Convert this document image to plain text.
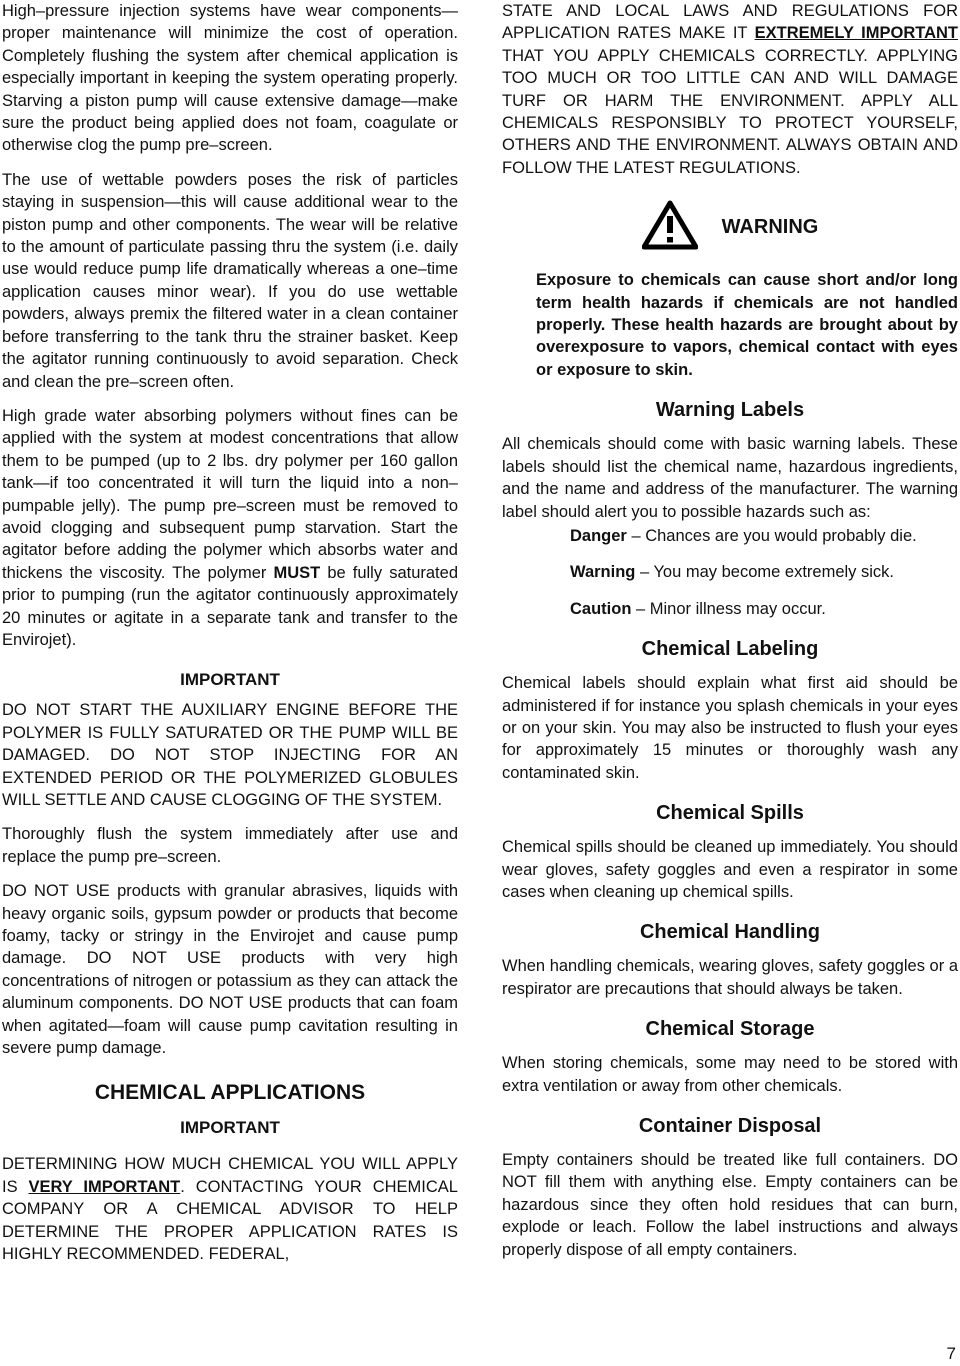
High–pressure injection systems have wear components—proper maintenance will minimize the cost of operation. Completely flushing the system after chemical application is especially important in keeping the system operating properly. Starving a piston pump will cause extensive damage—make sure the product being applied does not foam, coagulate or otherwise clog the pump pre–screen.

The use of wettable powders poses the risk of particles staying in suspension—this will cause additional wear to the piston pump and other components. The wear will be relative to the amount of particulate passing thru the system (i.e. daily use would reduce pump life dramatically whereas a one–time application causes minor wear). If you do use wettable powders, always premix the filtered water in a clean container before transferring to the tank thru the strainer basket. Keep the agitator running continuously to avoid separation. Check and clean the pre–screen often.

High grade water absorbing polymers without fines can be applied with the system at modest concentrations that allow them to be pumped (up to 2 lbs. dry polymer per 160 gallon tank—if too concentrated it will turn the liquid into a non–pumpable jelly). The pump pre–screen must be removed to avoid clogging and subsequent pump starvation. Start the agitator before adding the polymer which absorbs water and thickens the viscosity. The polymer MUST be fully saturated prior to pumping (run the agitator continuously approximately 20 minutes or agitate in a separate tank and transfer to the Envirojet).

IMPORTANT

DO NOT START THE AUXILIARY ENGINE BEFORE THE POLYMER IS FULLY SATURATED OR THE PUMP WILL BE DAMAGED. DO NOT STOP INJECTING FOR AN EXTENDED PERIOD OR THE POLYMERIZED GLOBULES WILL SETTLE AND CAUSE CLOGGING OF THE SYSTEM.

Thoroughly flush the system immediately after use and replace the pump pre–screen.

DO NOT USE products with granular abrasives, liquids with heavy organic soils, gypsum powder or products that become foamy, tacky or stringy in the Envirojet and cause pump damage. DO NOT USE products with very high concentrations of nitrogen or potassium as they can attack the aluminum components. DO NOT USE products that can foam when agitated—foam will cause pump cavitation resulting in severe pump damage.

CHEMICAL APPLICATIONS
IMPORTANT

DETERMINING HOW MUCH CHEMICAL YOU WILL APPLY IS VERY IMPORTANT. CONTACTING YOUR CHEMICAL COMPANY OR A CHEMICAL ADVISOR TO HELP DETERMINE THE PROPER APPLICATION RATES IS HIGHLY RECOMMENDED. FEDERAL,

STATE AND LOCAL LAWS AND REGULATIONS FOR APPLICATION RATES MAKE IT EXTREMELY IMPORTANT THAT YOU APPLY CHEMICALS CORRECTLY. APPLYING TOO MUCH OR TOO LITTLE CAN AND WILL DAMAGE TURF OR HARM THE ENVIRONMENT. APPLY ALL CHEMICALS RESPONSIBLY TO PROTECT YOURSELF, OTHERS AND THE ENVIRONMENT. ALWAYS OBTAIN AND FOLLOW THE LATEST REGULATIONS.

WARNING

Exposure to chemicals can cause short and/or long term health hazards if chemicals are not handled properly. These health hazards are brought about by overexposure to vapors, chemical contact with eyes or exposure to skin.

Warning Labels

All chemicals should come with basic warning labels. These labels should list the chemical name, hazardous ingredients, and the name and address of the manufacturer. The warning label should alert you to possible hazards such as:

Danger – Chances are you would probably die.
Warning – You may become extremely sick.
Caution – Minor illness may occur.
Chemical Labeling

Chemical labels should explain what first aid should be administered if for instance you splash chemicals in your eyes or on your skin. You may also be instructed to flush your eyes for approximately 15 minutes or thoroughly wash any contaminated skin.

Chemical Spills

Chemical spills should be cleaned up immediately. You should wear gloves, safety goggles and even a respirator in some cases when cleaning up chemical spills.

Chemical Handling

When handling chemicals, wearing gloves, safety goggles or a respirator are precautions that should always be taken.

Chemical Storage

When storing chemicals, some may need to be stored with extra ventilation or away from other chemicals.

Container Disposal

Empty containers should be treated like full containers. DO NOT fill them with anything else. Empty containers can be hazardous since they often hold residues that can burn, explode or leach. Follow the label instructions and always properly dispose of all empty containers.

7
